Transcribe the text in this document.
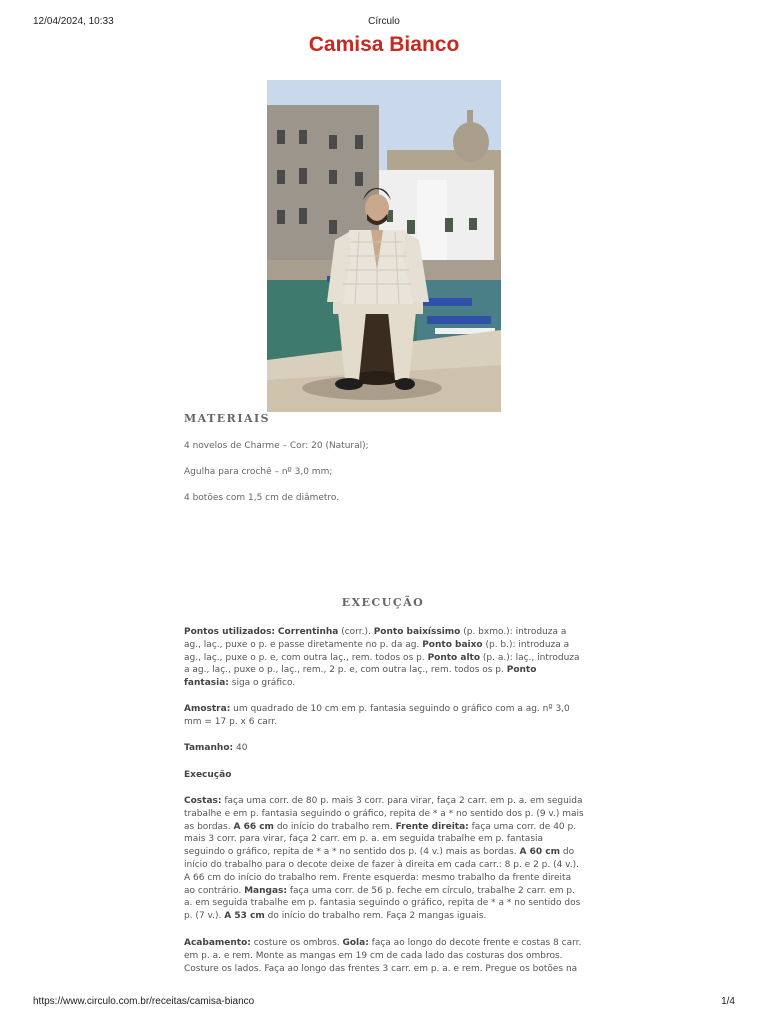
12/04/2024, 10:33	Círculo
Camisa Bianco
MATERIAIS
4 novelos de Charme – Cor: 20 (Natural);
Agulha para crochê – nº 3,0 mm;
4 botões com 1,5 cm de diâmetro.
EXECUÇÃO
Pontos utilizados: Correntinha (corr.). Ponto baixíssimo (p. bxmo.): introduza a ag., laç., puxe o p. e passe diretamente no p. da ag. Ponto baixo (p. b.): introduza a ag., laç., puxe o p. e, com outra laç., rem. todos os p. Ponto alto (p. a.): laç., introduza a ag., laç., puxe o p., laç., rem., 2 p. e, com outra laç., rem. todos os p. Ponto fantasia: siga o gráfico.
Amostra: um quadrado de 10 cm em p. fantasia seguindo o gráfico com a ag. nº 3,0 mm = 17 p. x 6 carr.
Tamanho: 40
Execução
Costas: faça uma corr. de 80 p. mais 3 corr. para virar, faça 2 carr. em p. a. em seguida trabalhe e em p. fantasia seguindo o gráfico, repita de * a * no sentido dos p. (9 v.) mais as bordas. A 66 cm do início do trabalho rem. Frente direita: faça uma corr. de 40 p. mais 3 corr. para virar, faça 2 carr. em p. a. em seguida trabalhe em p. fantasia seguindo o gráfico, repita de * a * no sentido dos p. (4 v.) mais as bordas. A 60 cm do início do trabalho para o decote deixe de fazer à direita em cada carr.: 8 p. e 2 p. (4 v.). A 66 cm do início do trabalho rem. Frente esquerda: mesmo trabalho da frente direita ao contrário. Mangas: faça uma corr. de 56 p. feche em círculo, trabalhe 2 carr. em p. a. em seguida trabalhe em p. fantasia seguindo o gráfico, repita de * a * no sentido dos p. (7 v.). A 53 cm do início do trabalho rem. Faça 2 mangas iguais.
Acabamento: costure os ombros. Gola: faça ao longo do decote frente e costas 8 carr. em p. a. e rem. Monte as mangas em 19 cm de cada lado das costuras dos ombros. Costure os lados. Faça ao longo das frentes 3 carr. em p. a. e rem. Pregue os botões na
https://www.circulo.com.br/receitas/camisa-bianco	1/4
